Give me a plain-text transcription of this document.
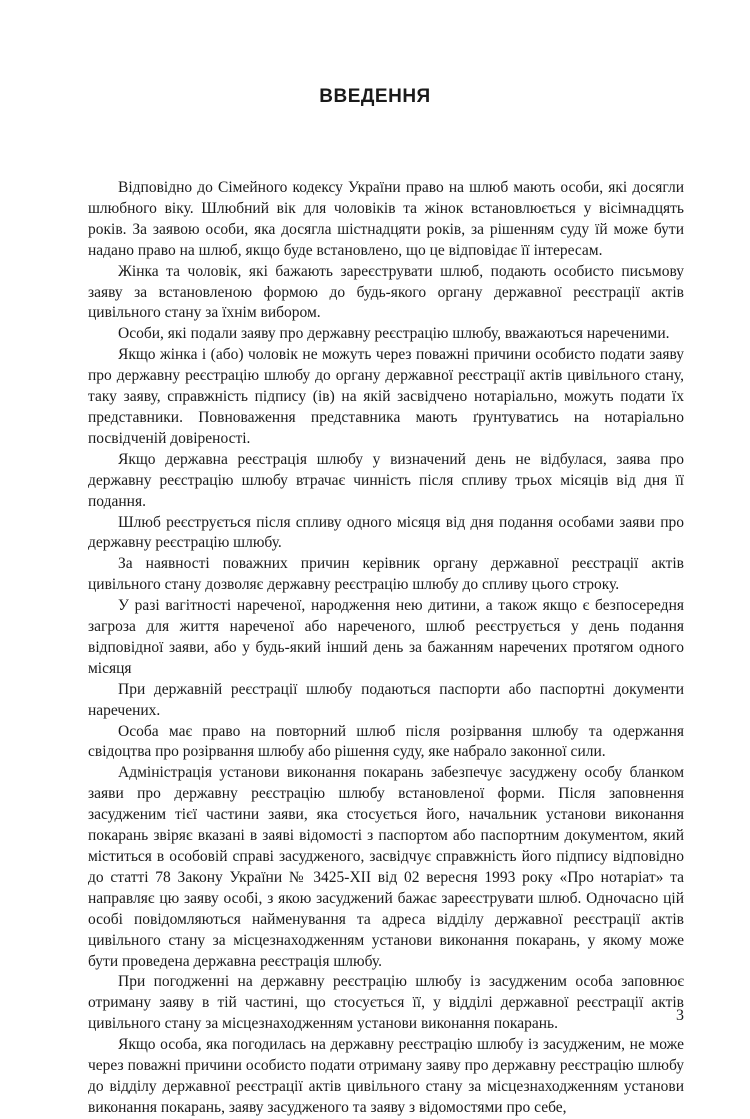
ВВЕДЕННЯ

Відповідно до Сімейного кодексу України право на шлюб мають особи, які досягли шлюбного віку. Шлюбний вік для чоловіків та жінок встановлюється у вісімнадцять років. За заявою особи, яка досягла шістнадцяти років, за рішенням суду їй може бути надано право на шлюб, якщо буде встановлено, що це відповідає її інтересам.

Жінка та чоловік, які бажають зареєструвати шлюб, подають особисто письмову заяву за встановленою формою до будь-якого органу державної реєстрації актів цивільного стану за їхнім вибором.

Особи, які подали заяву про державну реєстрацію шлюбу, вважаються нареченими.

Якщо жінка і (або) чоловік не можуть через поважні причини особисто подати заяву про державну реєстрацію шлюбу до органу державної реєстрації актів цивільного стану, таку заяву, справжність підпису (ів) на якій засвідчено нотаріально, можуть подати їх представники. Повноваження представника мають ґрунтуватись на нотаріально посвідченій довіреності.

Якщо державна реєстрація шлюбу у визначений день не відбулася, заява про державну реєстрацію шлюбу втрачає чинність після спливу трьох місяців від дня її подання.

Шлюб реєструється після спливу одного місяця від дня подання особами заяви про державну реєстрацію шлюбу.

За наявності поважних причин керівник органу державної реєстрації актів цивільного стану дозволяє державну реєстрацію шлюбу до спливу цього строку.

У разі вагітності нареченої, народження нею дитини, а також якщо є безпосередня загроза для життя нареченої або нареченого, шлюб реєструється у день подання відповідної заяви, або у будь-який інший день за бажанням наречених протягом одного місяця

При державній реєстрації шлюбу подаються паспорти або паспортні документи наречених.

Особа має право на повторний шлюб після розірвання шлюбу та одержання свідоцтва про розірвання шлюбу або рішення суду, яке набрало законної сили.

Адміністрація установи виконання покарань забезпечує засуджену особу бланком заяви про державну реєстрацію шлюбу встановленої форми. Після заповнення засудженим тієї частини заяви, яка стосується його, начальник установи виконання покарань звіряє вказані в заяві відомості з паспортом або паспортним документом, який міститься в особовій справі засудженого, засвідчує справжність його підпису відповідно до статті 78 Закону України № 3425-XII від 02 вересня 1993 року «Про нотаріат» та направляє цю заяву особі, з якою засуджений бажає зареєструвати шлюб. Одночасно цій особі повідомляються найменування та адреса відділу державної реєстрації актів цивільного стану за місцезнаходженням установи виконання покарань, у якому може бути проведена державна реєстрація шлюбу.

При погодженні на державну реєстрацію шлюбу із засудженим особа заповнює отриману заяву в тій частині, що стосується її, у відділі державної реєстрації актів цивільного стану за місцезнаходженням установи виконання покарань.

Якщо особа, яка погодилась на державну реєстрацію шлюбу із засудженим, не може через поважні причини особисто подати отриману заяву про державну реєстрацію шлюбу до відділу державної реєстрації актів цивільного стану за місцезнаходженням установи виконання покарань, заяву засудженого та заяву з відомостями про себе,

3
